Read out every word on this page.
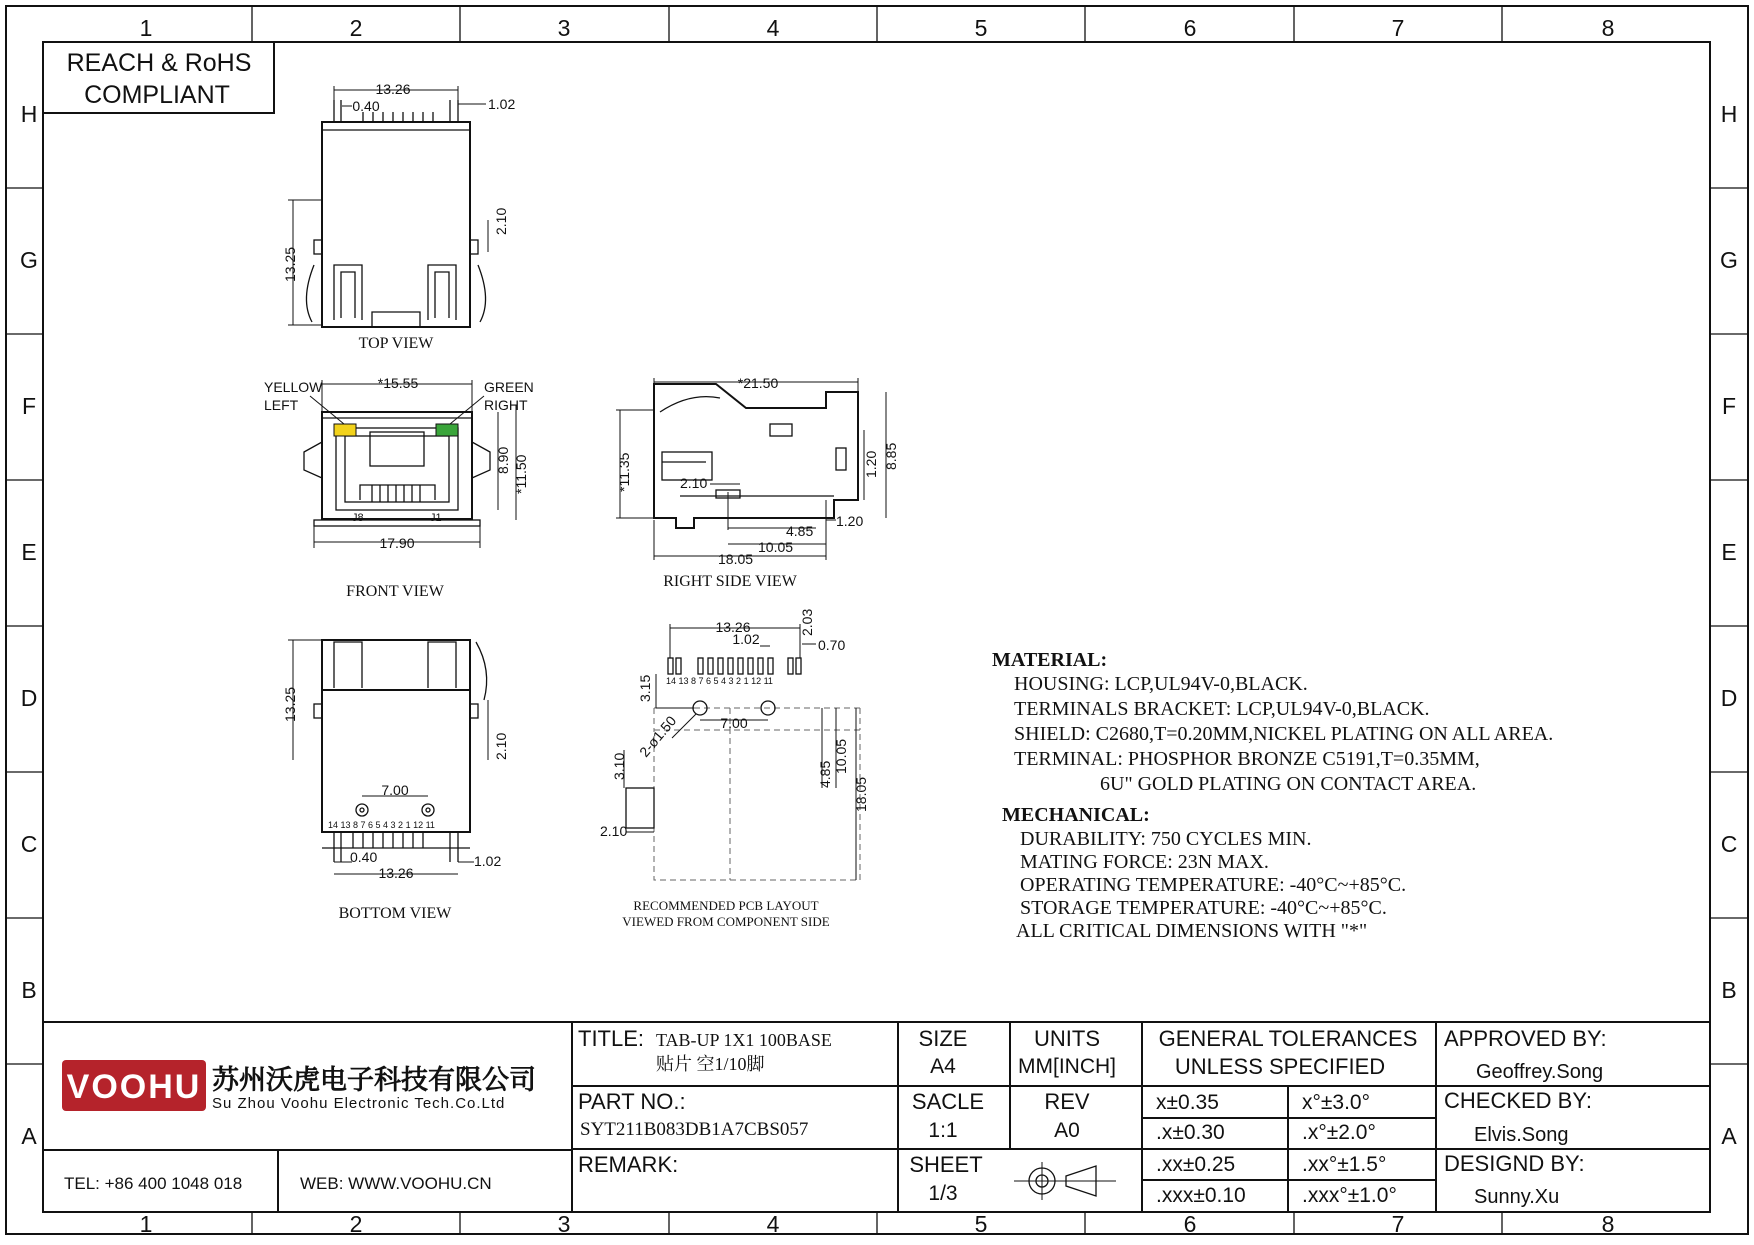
1	2	3	4	5	6	7	8
1	2	3	4	5	6	7	8
H
G
F
E
D
C
B
A
H
G
F
E
D
C
B
A
REACH & RoHS
COMPLIANT	13.26
0.40	1.02
13.25
2.10
TOP VIEW
YELLOW
LEFT
GREEN
RIGHT
J8	J1
*15.55
17.90
8.90 *11.50
FRONT VIEW
*21.50
*11.35	2.10
4.85
10.05
18.05
1.20
1.20 8.85
RIGHT SIDE VIEW
14 13 8 7 6 5 4 3 2 1 12 11
13.25
2.10
7.00
0.40
13.26
1.02
BOTTOM VIEW
14 13 8 7 6 5 4 3 2 1 12 11
13.26
1.02
2.03
0.70
3.15
2-ø1.50	7.00
3.10
2.10
4.85
10.05
18.05
RECOMMENDED PCB LAYOUT
VIEWED FROM COMPONENT SIDE
MATERIAL:
HOUSING: LCP,UL94V-0,BLACK.
TERMINALS BRACKET: LCP,UL94V-0,BLACK.
SHIELD: C2680,T=0.20MM,NICKEL PLATING ON ALL AREA.
TERMINAL: PHOSPHOR BRONZE C5191,T=0.35MM,
6U" GOLD PLATING ON CONTACT AREA.
MECHANICAL:
DURABILITY: 750 CYCLES MIN.
MATING FORCE: 23N MAX.
OPERATING TEMPERATURE: -40°C~+85°C.
STORAGE TEMPERATURE: -40°C~+85°C.
ALL CRITICAL DIMENSIONS WITH "*"
VOOHU 苏州沃虎电子科技有限公司
Su Zhou Voohu Electronic Tech.Co.Ltd
TEL: +86 400 1048 018	WEB: WWW.VOOHU.CN
TITLE: TAB-UP 1X1 100BASE
贴片 空1/10脚
PART NO.:
SYT211B083DB1A7CBS057
REMARK:
SIZE
A4
UNITS
MM[INCH]
SACLE
1:1
REV
A0
SHEET
1/3
GENERAL TOLERANCES
UNLESS SPECIFIED
x±0.35	x°±3.0°
.x±0.30	.x°±2.0°
.xx±0.25	.xx°±1.5°
.xxx±0.10	.xxx°±1.0°
APPROVED BY:
Geoffrey.Song
CHECKED BY:
Elvis.Song
DESIGND BY:
Sunny.Xu
